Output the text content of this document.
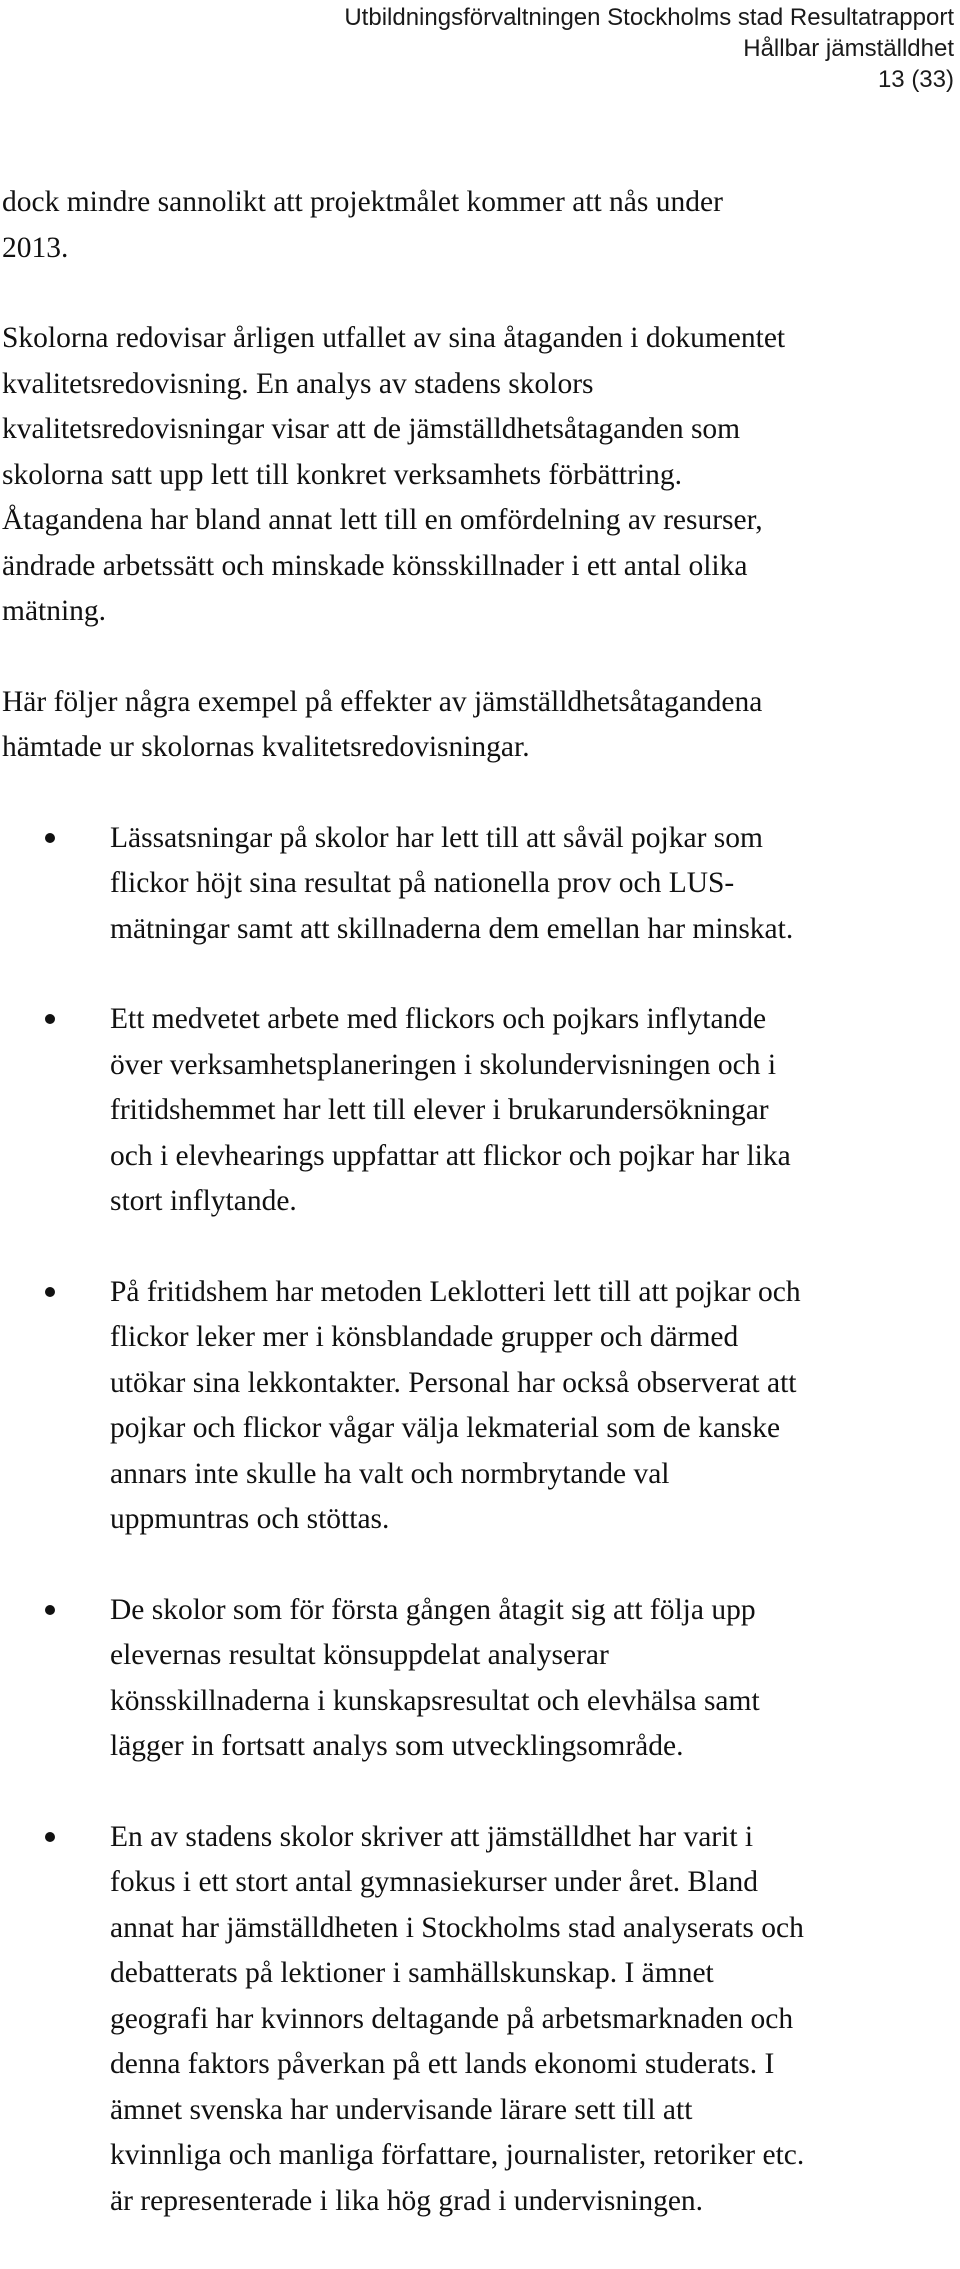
Utbildningsförvaltningen Stockholms stad Resultatrapport
Hållbar jämställdhet
13 (33)

dock mindre sannolikt att projektmålet kommer att nås under
2013.

Skolorna redovisar årligen utfallet av sina åtaganden i dokumentet
kvalitetsredovisning. En analys av stadens skolors
kvalitetsredovisningar visar att de jämställdhetsåtaganden som
skolorna satt upp lett till konkret verksamhets förbättring.
Åtagandena har bland annat lett till en omfördelning av resurser,
ändrade arbetssätt och minskade könsskillnader i ett antal olika
mätning.

Här följer några exempel på effekter av jämställdhetsåtagandena
hämtade ur skolornas kvalitetsredovisningar.

Lässatsningar på skolor har lett till att såväl pojkar som
flickor höjt sina resultat på nationella prov och LUS-
mätningar samt att skillnaderna dem emellan har minskat.
Ett medvetet arbete med flickors och pojkars inflytande
över verksamhetsplaneringen i skolundervisningen och i
fritidshemmet har lett till elever i brukarundersökningar
och i elevhearings uppfattar att flickor och pojkar har lika
stort inflytande.
På fritidshem har metoden Leklotteri lett till att pojkar och
flickor leker mer i könsblandade grupper och därmed
utökar sina lekkontakter. Personal har också observerat att
pojkar och flickor vågar välja lekmaterial som de kanske
annars inte skulle ha valt och normbrytande val
uppmuntras och stöttas.
De skolor som för första gången åtagit sig att följa upp
elevernas resultat könsuppdelat analyserar
könsskillnaderna i kunskapsresultat och elevhälsa samt
lägger in fortsatt analys som utvecklingsområde.
En av stadens skolor skriver att jämställdhet har varit i
fokus i ett stort antal gymnasiekurser under året. Bland
annat har jämställdheten i Stockholms stad analyserats och
debatterats på lektioner i samhällskunskap. I ämnet
geografi har kvinnors deltagande på arbetsmarknaden och
denna faktors påverkan på ett lands ekonomi studerats. I
ämnet svenska har undervisande lärare sett till att
kvinnliga och manliga författare, journalister, retoriker etc.
är representerade i lika hög grad i undervisningen.
